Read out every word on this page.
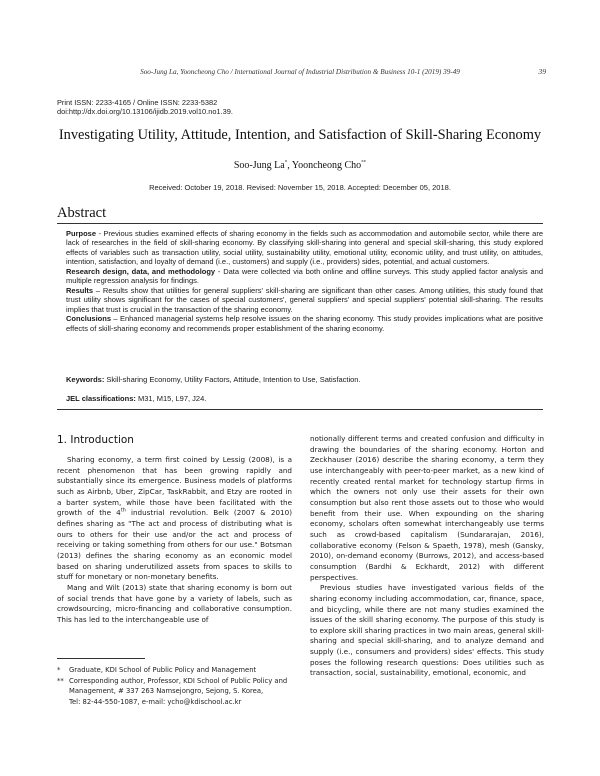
Soo-Jung La, Yooncheong Cho / International Journal of Industrial Distribution & Business 10-1 (2019) 39-49	39
Print ISSN: 2233-4165 / Online ISSN: 2233-5382
doi:http://dx.doi.org/10.13106/ijidb.2019.vol10.no1.39.
Investigating Utility, Attitude, Intention, and Satisfaction of Skill-Sharing Economy
Soo-Jung La*, Yooncheong Cho**
Received: October 19, 2018. Revised: November 15, 2018. Accepted: December 05, 2018.
Abstract

Purpose - Previous studies examined effects of sharing economy in the fields such as accommodation and automobile sector, while there are lack of researches in the field of skill-sharing economy. By classifying skill-sharing into general and special skill-sharing, this study explored effects of variables such as transaction utility, social utility, sustainability utility, emotional utility, economic utility, and trust utility, on attitudes, intention, satisfaction, and loyalty of demand (i.e., customers) and supply (i.e., providers) sides, potential, and actual customers.

Research design, data, and methodology - Data were collected via both online and offline surveys. This study applied factor analysis and multiple regression analysis for findings.

Results – Results show that utilities for general suppliers' skill-sharing are significant than other cases. Among utilities, this study found that trust utility shows significant for the cases of special customers', general suppliers' and special suppliers' potential skill-sharing. The results implies that trust is crucial in the transaction of the sharing economy.

Conclusions – Enhanced managerial systems help resolve issues on the sharing economy. This study provides implications what are positive effects of skill-sharing economy and recommends proper establishment of the sharing economy.

Keywords: Skill-sharing Economy, Utility Factors, Attitude, Intention to Use, Satisfaction.
JEL classifications: M31, M15, L97, J24.
1. Introduction

Sharing economy, a term first coined by Lessig (2008), is a recent phenomenon that has been growing rapidly and substantially since its emergence. Business models of platforms such as Airbnb, Uber, ZipCar, TaskRabbit, and Etzy are rooted in a barter system, while those have been facilitated with the growth of the 4th industrial revolution. Belk (2007 & 2010) defines sharing as "The act and process of distributing what is ours to others for their use and/or the act and process of receiving or taking something from others for our use." Botsman (2013) defines the sharing economy as an economic model based on sharing underutilized assets from spaces to skills to stuff for monetary or non-monetary benefits.

Mang and Wilt (2013) state that sharing economy is born out of social trends that have gone by a variety of labels, such as crowdsourcing, micro-financing and collaborative consumption. This has led to the interchangeable use of

notionally different terms and created confusion and difficulty in drawing the boundaries of the sharing economy. Horton and Zeckhauser (2016) describe the sharing economy, a term they use interchangeably with peer-to-peer market, as a new kind of recently created rental market for technology startup firms in which the owners not only use their assets for their own consumption but also rent those assets out to those who would benefit from their use. When expounding on the sharing economy, scholars often somewhat interchangeably use terms such as crowd-based capitalism (Sundararajan, 2016), collaborative economy (Felson & Spaeth, 1978), mesh (Gansky, 2010), on-demand economy (Burrows, 2012), and access-based consumption (Bardhi & Eckhardt, 2012) with different perspectives.

Previous studies have investigated various fields of the sharing economy including accommodation, car, finance, space, and bicycling, while there are not many studies examined the issues of the skill sharing economy. The purpose of this study is to explore skill sharing practices in two main areas, general skill-sharing and special skill-sharing, and to analyze demand and supply (i.e., consumers and providers) sides' effects. This study poses the following research questions: Does utilities such as transaction, social, sustainability, emotional, economic, and

*	Graduate, KDI School of Public Policy and Management
** Corresponding author, Professor, KDI School of Public Policy and
Management, # 337 263 Namsejongro, Sejong, S. Korea,
Tel: 82-44-550-1087, e-mail: ycho@kdischool.ac.kr
